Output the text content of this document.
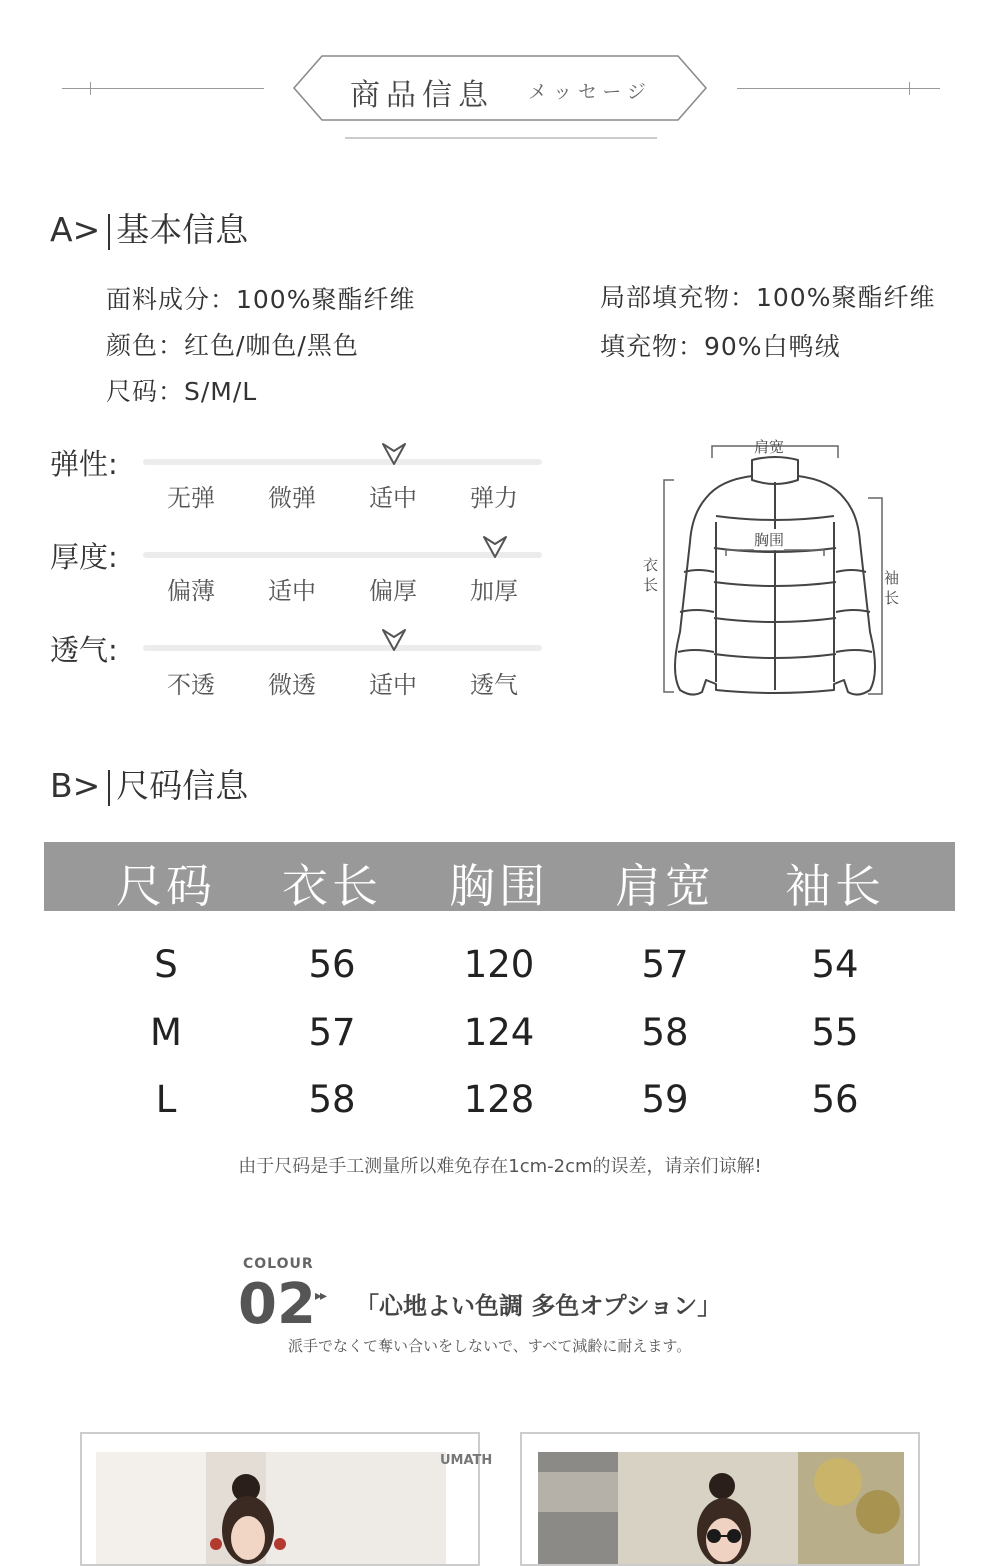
商品信息 メッセージ
A> 基本信息
面料成分：100%聚酯纤维
颜色：红色/咖色/黑色
尺码：S/M/L
局部填充物：100%聚酯纤维
填充物：90%白鸭绒
弹性:
无弹	微弹	适中	弹力
厚度:
偏薄	适中	偏厚	加厚
透气:
不透	微透	适中	透气
肩宽
胸围
衣长	袖长
B> 尺码信息
尺码	衣长	胸围	肩宽	袖长
S	56	120	57	54
M	57	124	58	55
L	58	128	59	56
由于尺码是手工测量所以难免存在1cm-2cm的误差，请亲们谅解!
COLOUR
02 ▸▸ 「心地よい色調 多色オプション」
派手でなくて奪い合いをしないで、すべて減齢に耐えます。
UMATH
